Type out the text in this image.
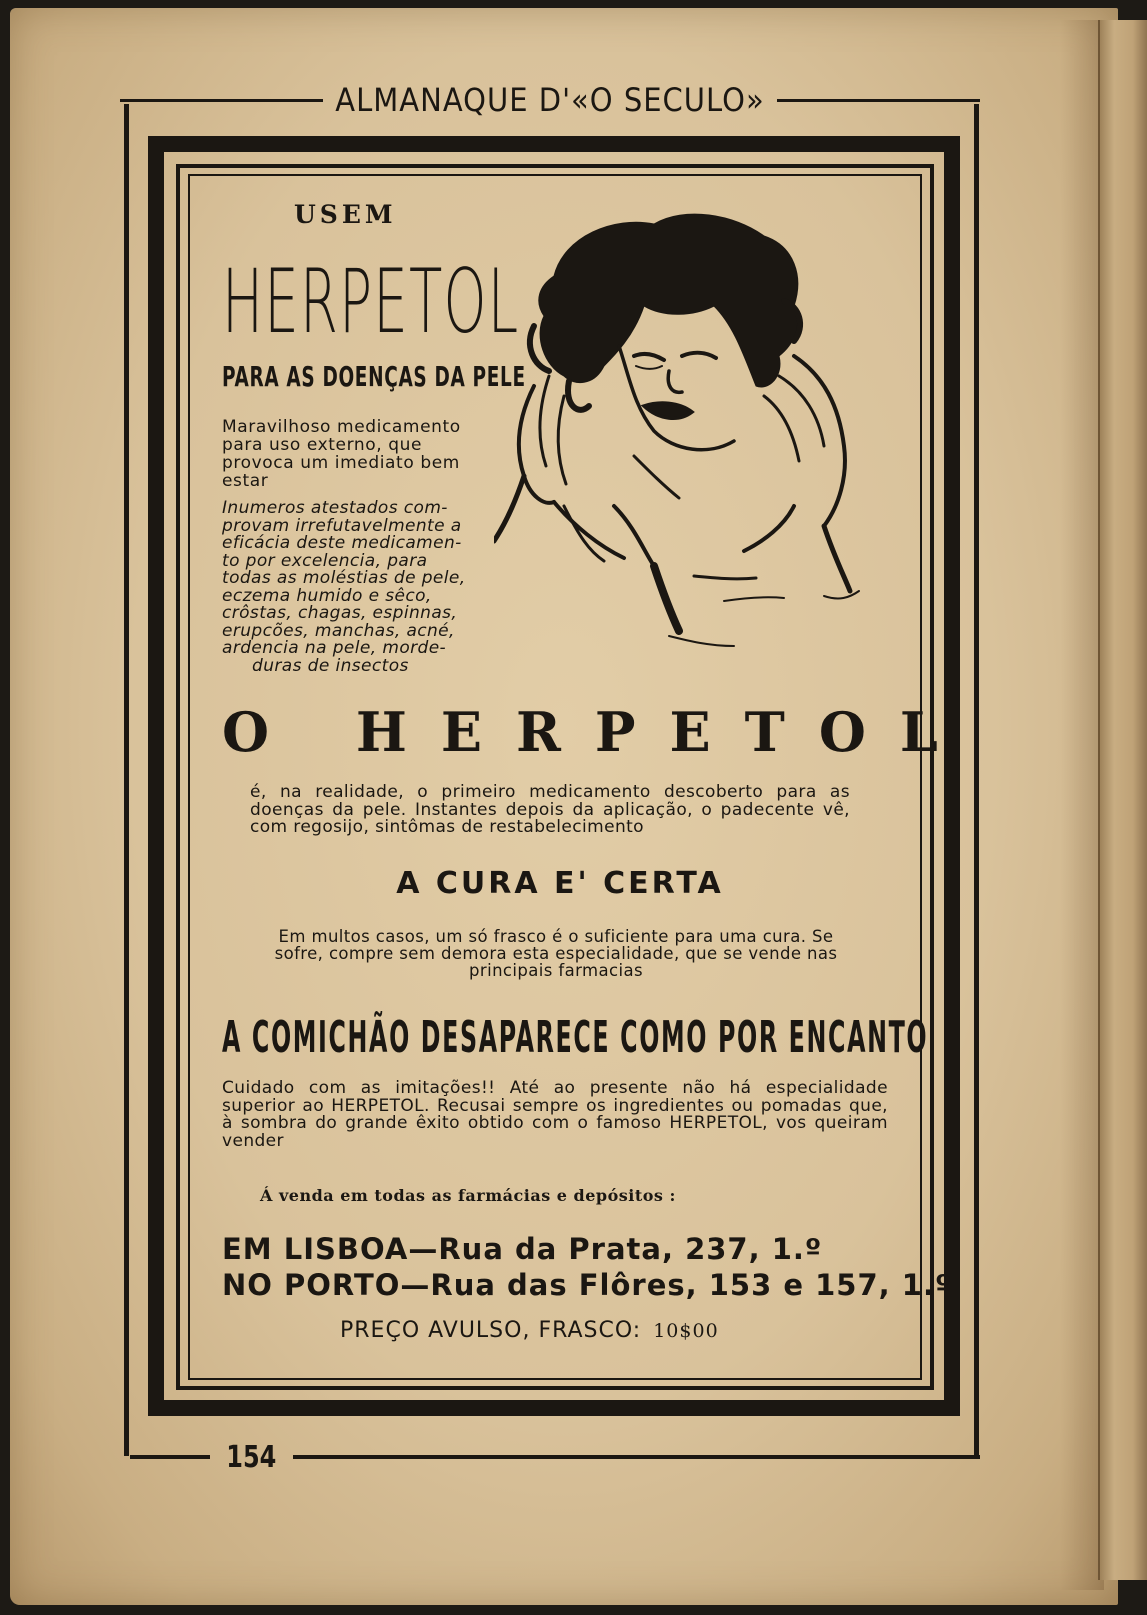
ALMANAQUE D'«O SECULO»
USEM
HERPETOL
PARA AS DOENÇAS DA PELE
Maravilhoso medicamento para uso externo, que provoca um imediato bem estar

Inumeros atestados com-

provam irrefutavelmente a

eficácia deste medicamen-

to por excelencia, para

todas as moléstias de pele,

eczema humido e sêco,

crôstas, chagas, espinnas,

erupcões, manchas, acné,

ardencia na pele, morde-

duras de insectos

O HERPETOL
é, na realidade, o primeiro medicamento descoberto para as doenças da pele. Instantes depois da aplicação, o padecente vê, com regosijo, sintômas de restabelecimento
A CURA E' CERTA
Em multos casos, um só frasco é o suficiente para uma cura. Se sofre, compre sem demora esta especialidade, que se vende nas principais farmacias
A COMICHÃO DESAPARECE COMO POR ENCANTO
Cuidado com as imitações!! Até ao presente não há especialidade superior ao HERPETOL. Recusai sempre os ingredientes ou pomadas que, à sombra do grande êxito obtido com o famoso HERPETOL, vos queiram vender
Á venda em todas as farmácias e depósitos :
EM LISBOA—Rua da Prata, 237, 1.º
NO PORTO—Rua das Flôres, 153 e 157, 1.º
PREÇO AVULSO, FRASCO: 10$00
154
